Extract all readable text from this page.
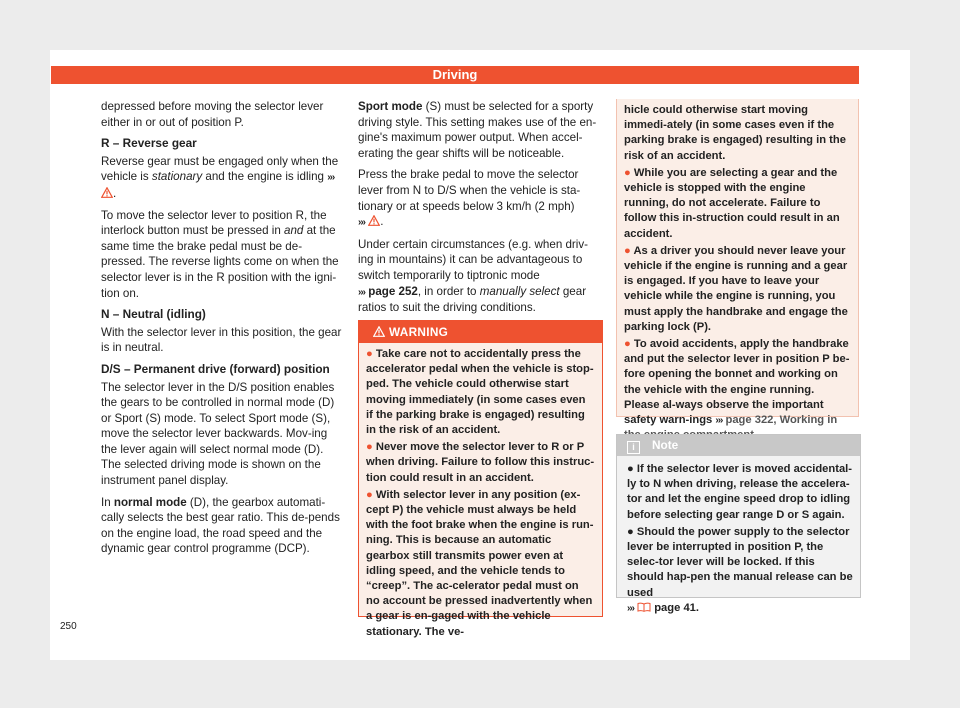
Driving

depressed before moving the selector lever either in or out of position P.

R – Reverse gear

Reverse gear must be engaged only when the vehicle is stationary and the engine is idling ›››
.

To move the selector lever to position R, the interlock button must be pressed in and at the same time the brake pedal must be de-pressed. The reverse lights come on when the selector lever is in the R position with the igni-tion on.

N – Neutral (idling)

With the selector lever in this position, the gear is in neutral.

D/S – Permanent drive (forward) position

The selector lever in the D/S position enables the gears to be controlled in normal mode (D) or Sport (S) mode. To select Sport mode (S), move the selector lever backwards. Mov-ing the lever again will select normal mode (D). The selected driving mode is shown on the instrument panel display.

In normal mode (D), the gearbox automati-cally selects the best gear ratio. This de-pends on the engine load, the road speed and the dynamic gear control programme (DCP).

Sport mode (S) must be selected for a sporty driving style. This setting makes use of the en-gine's maximum power output. When accel-erating the gear shifts will be noticeable.

Press the brake pedal to move the selector lever from N to D/S when the vehicle is sta-tionary or at speeds below 3 km/h (2 mph)
››› .

Under certain circumstances (e.g. when driv-ing in mountains) it can be advantageous to switch temporarily to tiptronic mode
››› page 252, in order to manually select gear ratios to suit the driving conditions.

WARNING
● Take care not to accidentally press the accelerator pedal when the vehicle is stop-ped. The vehicle could otherwise start moving immediately (in some cases even if the parking brake is engaged) resulting in the risk of an accident.
● Never move the selector lever to R or P when driving. Failure to follow this instruc-tion could result in an accident.
● With selector lever in any position (ex-cept P) the vehicle must always be held with the foot brake when the engine is run-ning. This is because an automatic gearbox still transmits power even at idling speed, and the vehicle tends to “creep”. The ac-celerator pedal must on no account be pressed inadvertently when a gear is en-gaged with the vehicle stationary. The ve-
hicle could otherwise start moving immedi-ately (in some cases even if the parking brake is engaged) resulting in the risk of an accident.
● While you are selecting a gear and the vehicle is stopped with the engine running, do not accelerate. Failure to follow this in-struction could result in an accident.
● As a driver you should never leave your vehicle if the engine is running and a gear is engaged. If you have to leave your vehicle while the engine is running, you must apply the handbrake and engage the parking lock (P).
● To avoid accidents, apply the handbrake and put the selector lever in position P be-fore opening the bonnet and working on the vehicle with the engine running. Please al-ways observe the important safety warn-ings ››› page 322, Working in
i Note
● If the selector lever is moved accidental-ly to N when driving, release the accelera-tor and let the engine speed drop to idling before selecting gear range D or S again.
● Should the power supply to the selector lever be interrupted in position P, the selec-tor lever will be locked. If this should hap-pen the manual release can be used
››› page 41.
250
